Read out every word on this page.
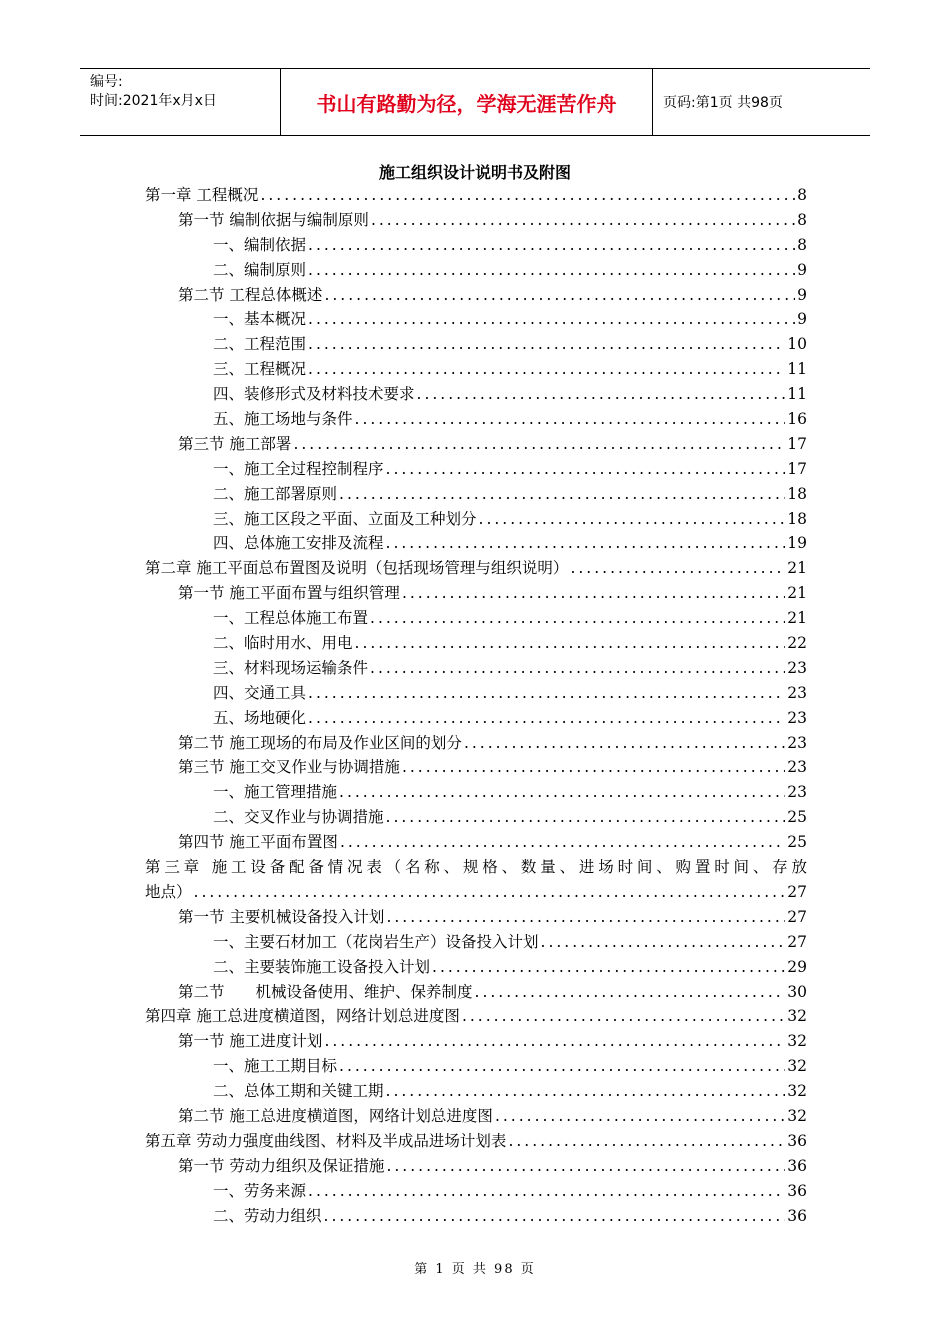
编号:
时间:2021年x月x日	书山有路勤为径，学海无涯苦作舟	页码:第1页 共98页
施工组织设计说明书及附图
第一章 工程概况 .....	8
第一节 编制依据与编制原则 .....	8
一、编制依据 .....	8
二、编制原则 .....	9
第二节 工程总体概述 .....	9
一、基本概况 .....	9
二、工程范围 .....	10
三、工程概况 .....	11
四、装修形式及材料技术要求 .....	11
五、施工场地与条件 .....	16
第三节 施工部署 .....	17
一、施工全过程控制程序 .....	17
二、施工部署原则 .....	18
三、施工区段之平面、立面及工种划分 .....	18
四、总体施工安排及流程 .....	19
第二章 施工平面总布置图及说明（包括现场管理与组织说明） .....	21
第一节 施工平面布置与组织管理 .....	21
一、工程总体施工布置 .....	21
二、临时用水、用电 .....	22
三、材料现场运输条件 .....	23
四、交通工具 .....	23
五、场地硬化 .....	23
第二节 施工现场的布局及作业区间的划分 .....	23
第三节 施工交叉作业与协调措施 .....	23
一、施工管理措施 .....	23
二、交叉作业与协调措施 .....	25
第四节 施工平面布置图 .....	25
第三章 施工设备配备情况表（名称、规格、数量、进场时间、购置时间、存放
地点） .....	27
第一节 主要机械设备投入计划 .....	27
一、主要石材加工（花岗岩生产）设备投入计划 .....	27
二、主要装饰施工设备投入计划 .....	29
第二节　　机械设备使用、维护、保养制度 .....	30
第四章 施工总进度横道图，网络计划总进度图 .....	32
第一节 施工进度计划 .....	32
一、施工工期目标 .....	32
二、总体工期和关键工期 .....	32
第二节 施工总进度横道图，网络计划总进度图 .....	32
第五章 劳动力强度曲线图、材料及半成品进场计划表 .....	36
第一节 劳动力组织及保证措施 .....	36
一、劳务来源 .....	36
二、劳动力组织 .....	36
第 1 页 共 98 页
